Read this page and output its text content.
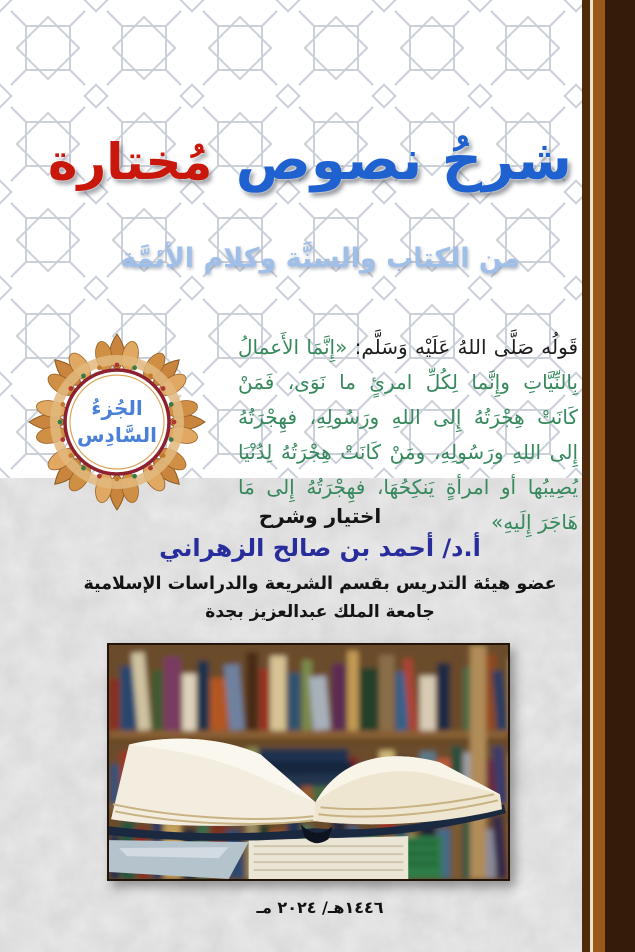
شرحُ نصوص مُختارة
من الكتاب والسنَّة وكلام الأئمَّة
قَولُه صَلَّى اللهُ عَلَيْه وَسَلَّم: «إِنَّمَا الأَعمالُ بِالنِّيَّاتِ وإِنَّما لِكُلِّ امرئٍ ما نَوَى، فَمَنْ كَانَتْ هِجْرَتُهُ إِلى اللهِ ورَسُولِهِ، فهِجْرَتُهُ إِلى اللهِ ورَسُولِهِ، ومَنْ كَانَتْ هِجْرَتُهُ لِدُنْيَا يُصِيبُها أو امرأةٍ يَنكِحُهَا، فهِجْرَتُهُ إِلى مَا هَاجَرَ إِلَيهِ»
الجُزءُ
السَّادِس
اختيار وشرح
أ.د/ أحمد بن صالح الزهراني
عضو هيئة التدريس بقسم الشريعة والدراسات الإسلامية
جامعة الملك عبدالعزيز بجدة
١٤٤٦هـ/ ٢٠٢٤ مـ
